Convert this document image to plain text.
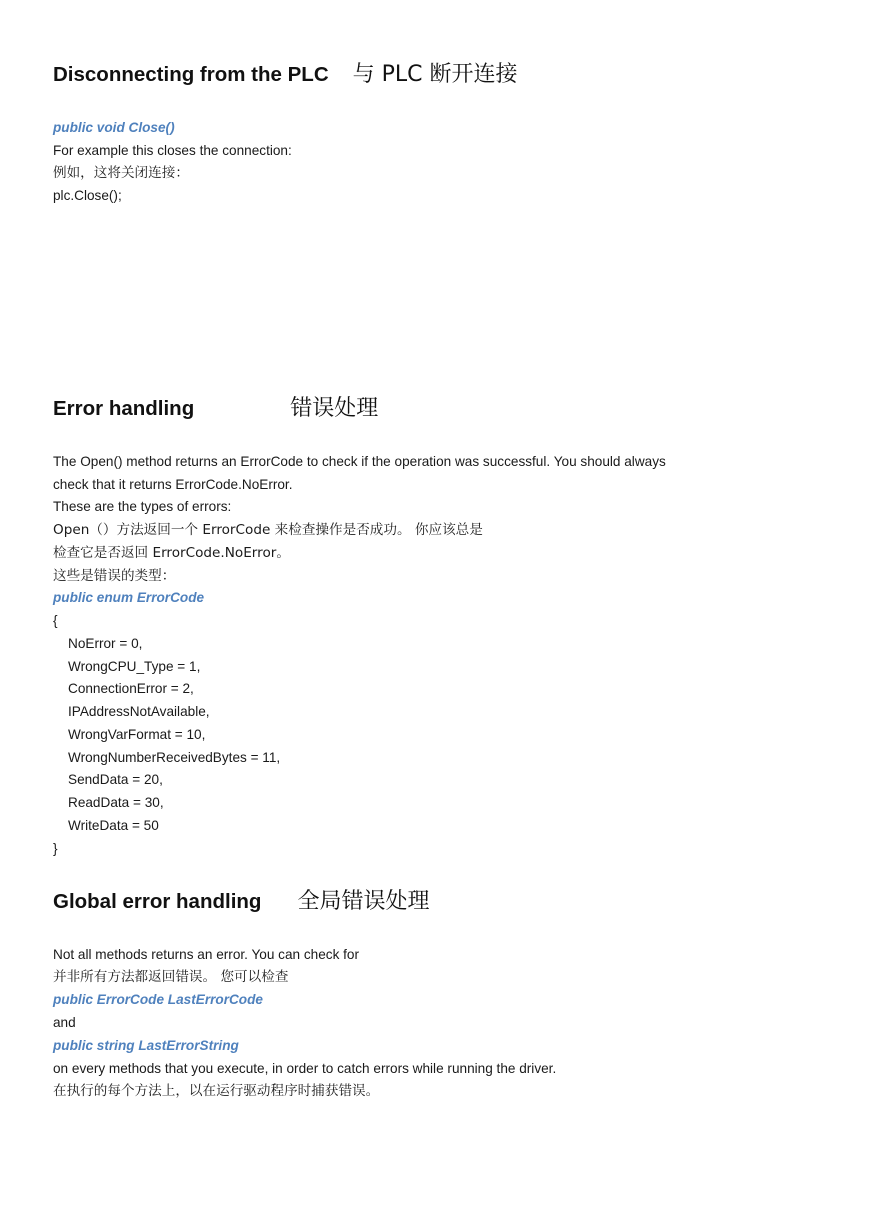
Disconnecting from the PLC 与 PLC 断开连接
public void Close()
For example this closes the connection:
例如，这将关闭连接：
plc.Close();
Error handling	错误处理
The Open() method returns an ErrorCode to check if the operation was successful. You should always
check that it returns ErrorCode.NoError.
These are the types of errors:
Open（）方法返回一个 ErrorCode 来检查操作是否成功。 你应该总是
检查它是否返回 ErrorCode.NoError。
这些是错误的类型：
public enum ErrorCode
{
NoError = 0,
WrongCPU_Type = 1,
ConnectionError = 2,
IPAddressNotAvailable,
WrongVarFormat = 10,
WrongNumberReceivedBytes = 11,
SendData = 20,
ReadData = 30,
WriteData = 50
}
Global error handling 全局错误处理
Not all methods returns an error. You can check for
并非所有方法都返回错误。 您可以检查
public ErrorCode LastErrorCode
and
public string LastErrorString
on every methods that you execute, in order to catch errors while running the driver.
在执行的每个方法上，以在运行驱动程序时捕获错误。
